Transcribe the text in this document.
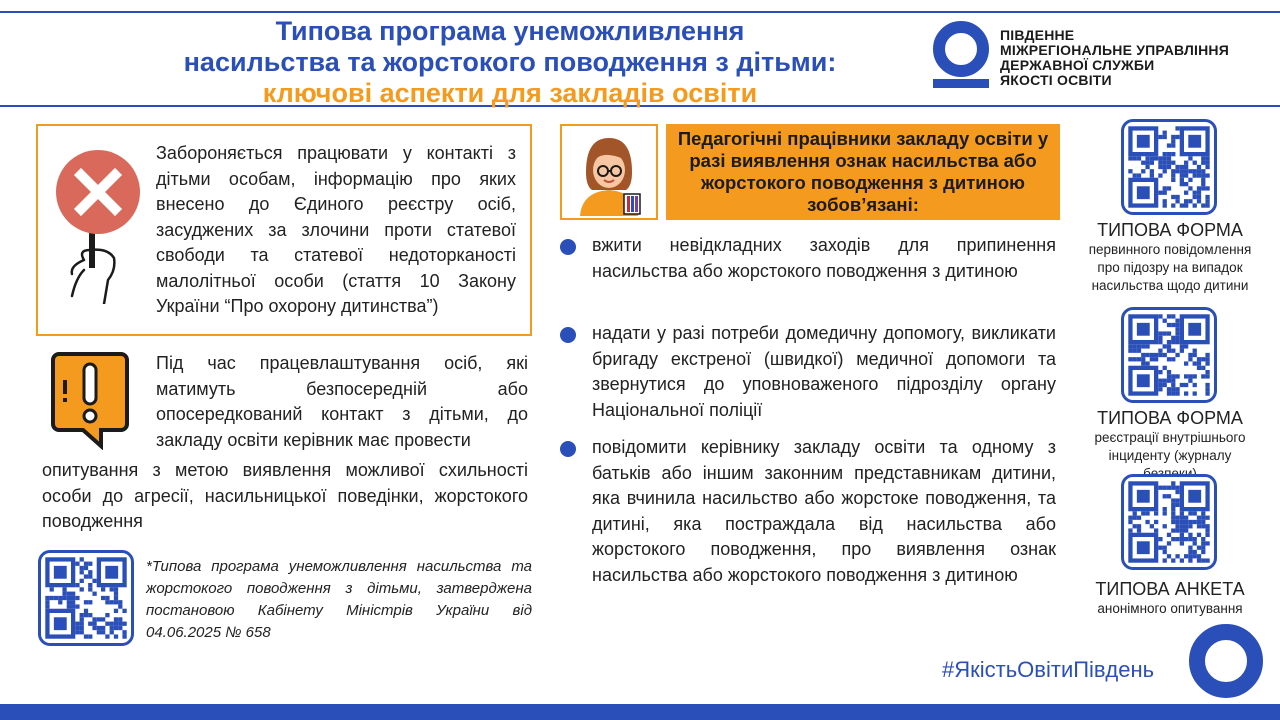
Типова програма унеможливлення
насильства та жорстокого поводження з дітьми:
ключові аспекти для закладів освіти
ПІВДЕННЕ
МІЖРЕГІОНАЛЬНЕ УПРАВЛІННЯ
ДЕРЖАВНОЇ СЛУЖБИ
ЯКОСТІ ОСВІТИ
Забороняється працювати у контакті з дітьми особам, інформацію про яких внесено до Єдиного реєстру осіб, засуджених за злочини проти статевої свободи та статевої недоторканості малолітньої особи (стаття 10 Закону України “Про охорону дитинства”)
Під час працевлаштування осіб, які матимуть безпосередній або опосередкований контакт з дітьми, до закладу освіти керівник має провести
опитування з метою виявлення можливої схильності особи до агресії, насильницької поведінки, жорстокого поводження
*Типова програма унеможливлення насильства та жорстокого поводження з дітьми, затверджена постановою Кабінету Міністрів України від 04.06.2025 № 658
Педагогічні працівники закладу освіти у разі виявлення ознак насильства або жорстокого поводження з дитиною зобов’язані:
вжити невідкладних заходів для припинення насильства або жорстокого поводження з дитиною
надати у разі потреби домедичну допомогу, викликати бригаду екстреної (швидкої) медичної допомоги та звернутися до уповноваженого підрозділу органу Національної поліції
повідомити керівнику закладу освіти та одному з батьків або іншим законним представникам дитини, яка вчинила насильство або жорстоке поводження, та дитині, яка постраждала від насильства або жорстокого поводження, про виявлення ознак насильства або жорстокого поводження з дитиною
ТИПОВА ФОРМА
первинного повідомлення про підозру на випадок насильства щодо дитини
ТИПОВА ФОРМА
реєстрації внутрішнього інциденту (журналу
ТИПОВА АНКЕТА
анонімного опитування
#ЯкістьОвітиПівдень
